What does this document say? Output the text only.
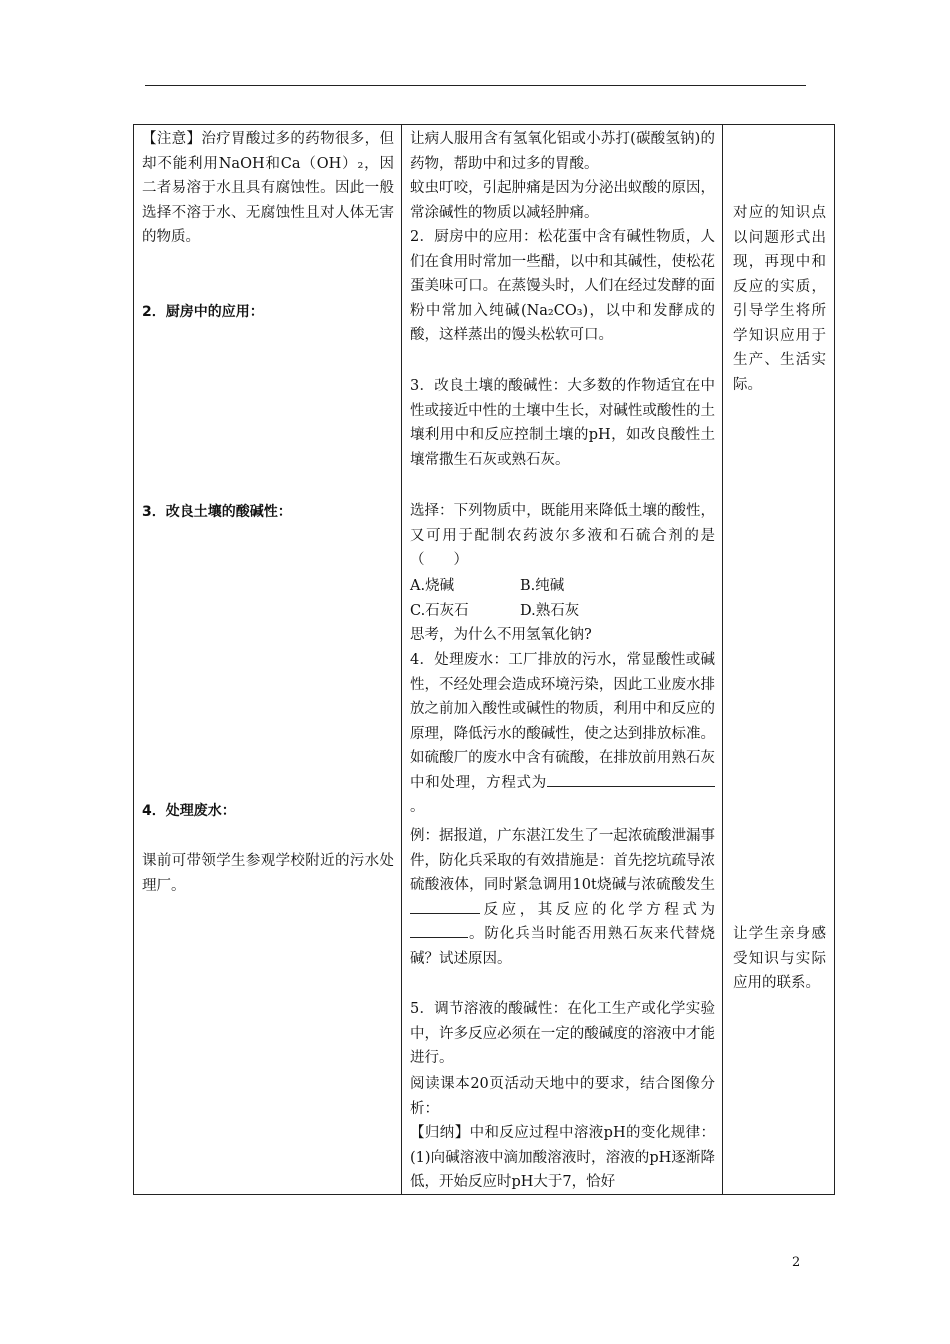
【注意】治疗胃酸过多的药物很多，但却不能利用NaOH和Ca（OH）₂，因二者易溶于水且具有腐蚀性。因此一般选择不溶于水、无腐蚀性且对人体无害的物质。

2．厨房中的应用：

3．改良土壤的酸碱性：

4．处理废水：

课前可带领学生参观学校附近的污水处理厂。

让病人服用含有氢氧化铝或小苏打(碳酸氢钠)的药物，帮助中和过多的胃酸。

蚊虫叮咬，引起肿痛是因为分泌出蚁酸的原因，常涂碱性的物质以减轻肿痛。

2．厨房中的应用：松花蛋中含有碱性物质，人们在食用时常加一些醋，以中和其碱性，使松花蛋美味可口。在蒸馒头时，人们在经过发酵的面粉中常加入纯碱(Na₂CO₃)，以中和发酵成的酸，这样蒸出的馒头松软可口。

3．改良土壤的酸碱性：大多数的作物适宜在中性或接近中性的土壤中生长，对碱性或酸性的土壤利用中和反应控制土壤的pH，如改良酸性土壤常撒生石灰或熟石灰。

选择：下列物质中，既能用来降低土壤的酸性，又可用于配制农药波尔多液和石硫合剂的是（　　）

A.烧碱	B.纯碱
C.石灰石	D.熟石灰

思考，为什么不用氢氧化钠?

4．处理废水：工厂排放的污水，常显酸性或碱性，不经处理会造成环境污染，因此工业废水排放之前加入酸性或碱性的物质，利用中和反应的原理，降低污水的酸碱性，使之达到排放标准。如硫酸厂的废水中含有硫酸，在排放前用熟石灰中和处理，方程式为。

例：据报道，广东湛江发生了一起浓硫酸泄漏事件，防化兵采取的有效措施是：首先挖坑疏导浓硫酸液体，同时紧急调用10t烧碱与浓硫酸发生反应，其反应的化学方程式为。防化兵当时能否用熟石灰来代替烧碱？试述原因。

5．调节溶液的酸碱性：在化工生产或化学实验中，许多反应必须在一定的酸碱度的溶液中才能进行。

阅读课本20页活动天地中的要求，结合图像分析：

【归纳】中和反应过程中溶液pH的变化规律：(1)向碱溶液中滴加酸溶液时，溶液的pH逐渐降低，开始反应时pH大于7，恰好

对应的知识点以问题形式出现，再现中和反应的实质，引导学生将所学知识应用于生产、生活实际。

让学生亲身感受知识与实际应用的联系。

2
